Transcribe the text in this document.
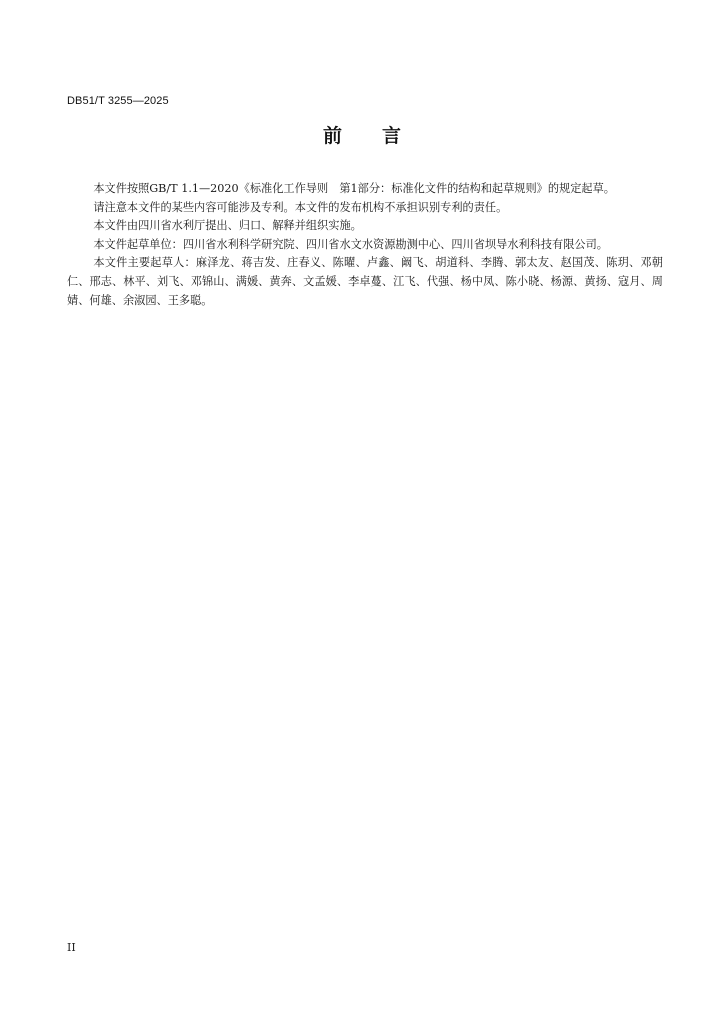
DB51/T 3255—2025
前 言

本文件按照GB/T 1.1—2020《标准化工作导则　第1部分：标准化文件的结构和起草规则》的规定起草。

请注意本文件的某些内容可能涉及专利。本文件的发布机构不承担识别专利的责任。

本文件由四川省水利厅提出、归口、解释并组织实施。

本文件起草单位：四川省水利科学研究院、四川省水文水资源勘测中心、四川省坝导水利科技有限公司。

本文件主要起草人：麻泽龙、蒋吉发、庄春义、陈曜、卢鑫、阚飞、胡道科、李腾、郭太友、赵国茂、陈玥、邓朝仁、邢志、林平、刘飞、邓锦山、满媛、黄奔、文孟媛、李卓蔓、江飞、代强、杨中凤、陈小晓、杨源、黄扬、寇月、周婧、何雄、余淑园、王多聪。

II
